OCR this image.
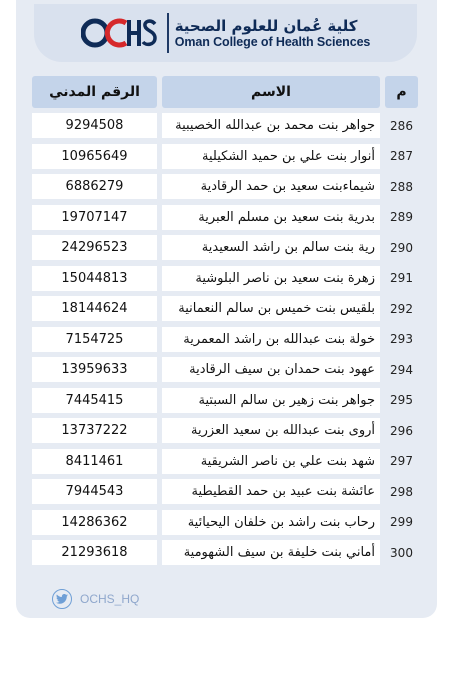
كلية عُمان للعلوم الصحية
Oman College of Health Sciences
الرقم المدني	الاسم	م
9294508	جواهر بنت محمد بن عبدالله الخصيبية	286
10965649	أنوار بنت علي بن حميد الشكيلية	287
6886279	شيماءبنت سعيد بن حمد الرقادية	288
19707147	بدرية بنت سعيد بن مسلم العبرية	289
24296523	رية بنت سالم بن راشد السعيدية	290
15044813	زهرة بنت سعيد بن ناصر البلوشية	291
18144624	بلقيس بنت خميس بن سالم النعمانية	292
7154725	خولة بنت عبدالله بن راشد المعمرية	293
13959633	عهود بنت حمدان بن سيف الرقادية	294
7445415	جواهر بنت زهير بن سالم السبتية	295
13737222	أروى بنت عبدالله بن سعيد العزرية	296
8411461	شهد بنت علي بن ناصر الشريقية	297
7944543	عائشة بنت عبيد بن حمد القطيطية	298
14286362	رحاب بنت راشد بن خلفان اليحيائية	299
21293618	أماني بنت خليفة بن سيف الشهومية	300
OCHS_HQ
